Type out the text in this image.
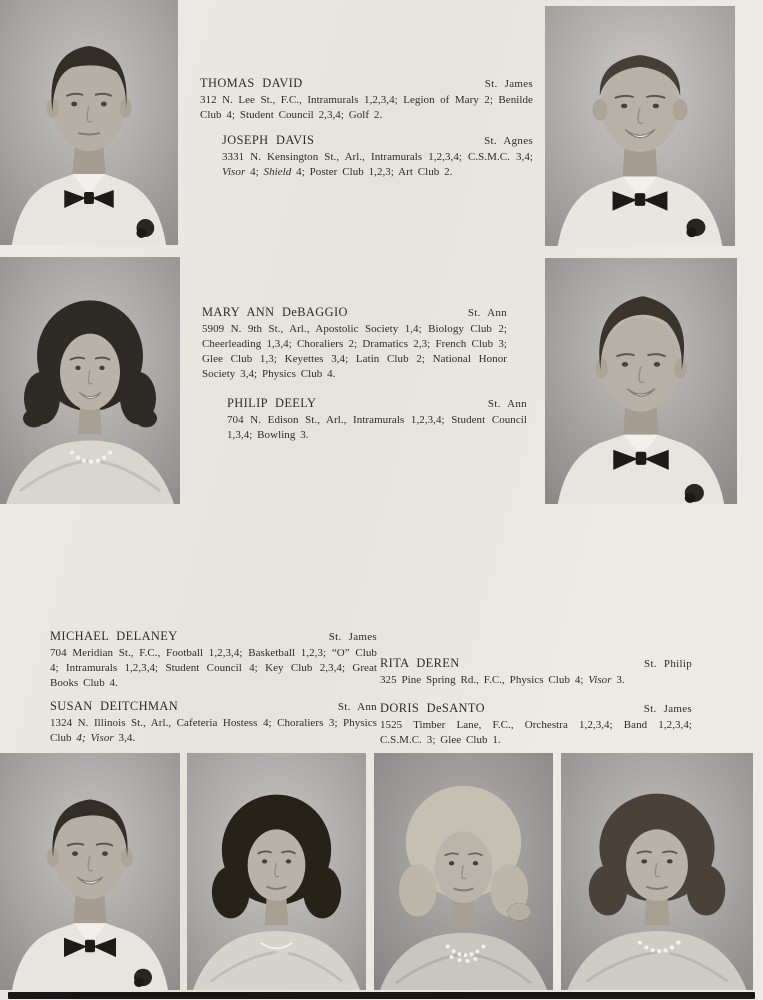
THOMAS DAVID	St. James

312 N. Lee St., F.C., Intramurals 1,2,3,4; Legion of Mary 2; Benilde Club 4; Student Council 2,3,4; Golf 2.

JOSEPH DAVIS	St. Agnes

3331 N. Kensington St., Arl., Intramurals 1,2,3,4; C.S.M.C. 3,4; Visor 4; Shield 4; Poster Club 1,2,3; Art Club 2.

MARY ANN DeBAGGIO	St. Ann

5909 N. 9th St., Arl., Apostolic Society 1,4; Biology Club 2; Cheerleading 1,3,4; Choraliers 2; Dramatics 2,3; French Club 3; Glee Club 1,3; Keyettes 3,4; Latin Club 2; National Honor Society 3,4; Physics Club 4.

PHILIP DEELY	St. Ann

704 N. Edison St., Arl., Intramurals 1,2,3,4; Student Council 1,3,4; Bowling 3.

MICHAEL DELANEY	St. James

704 Meridian St., F.C., Football 1,2,3,4; Basketball 1,2,3; “O” Club 4; Intramurals 1,2,3,4; Student Council 4; Key Club 2,3,4; Great Books Club 4.

SUSAN DEITCHMAN	St. Ann

1324 N. Illinois St., Arl., Cafeteria Hostess 4; Choraliers 3; Physics Club 4; Visor 3,4.

RITA DEREN	St. Philip

325 Pine Spring Rd., F.C., Physics Club 4; Visor 3.

DORIS DeSANTO	St. James

1525 Timber Lane, F.C., Orchestra 1,2,3,4; Band 1,2,3,4; C.S.M.C. 3; Glee Club 1.
